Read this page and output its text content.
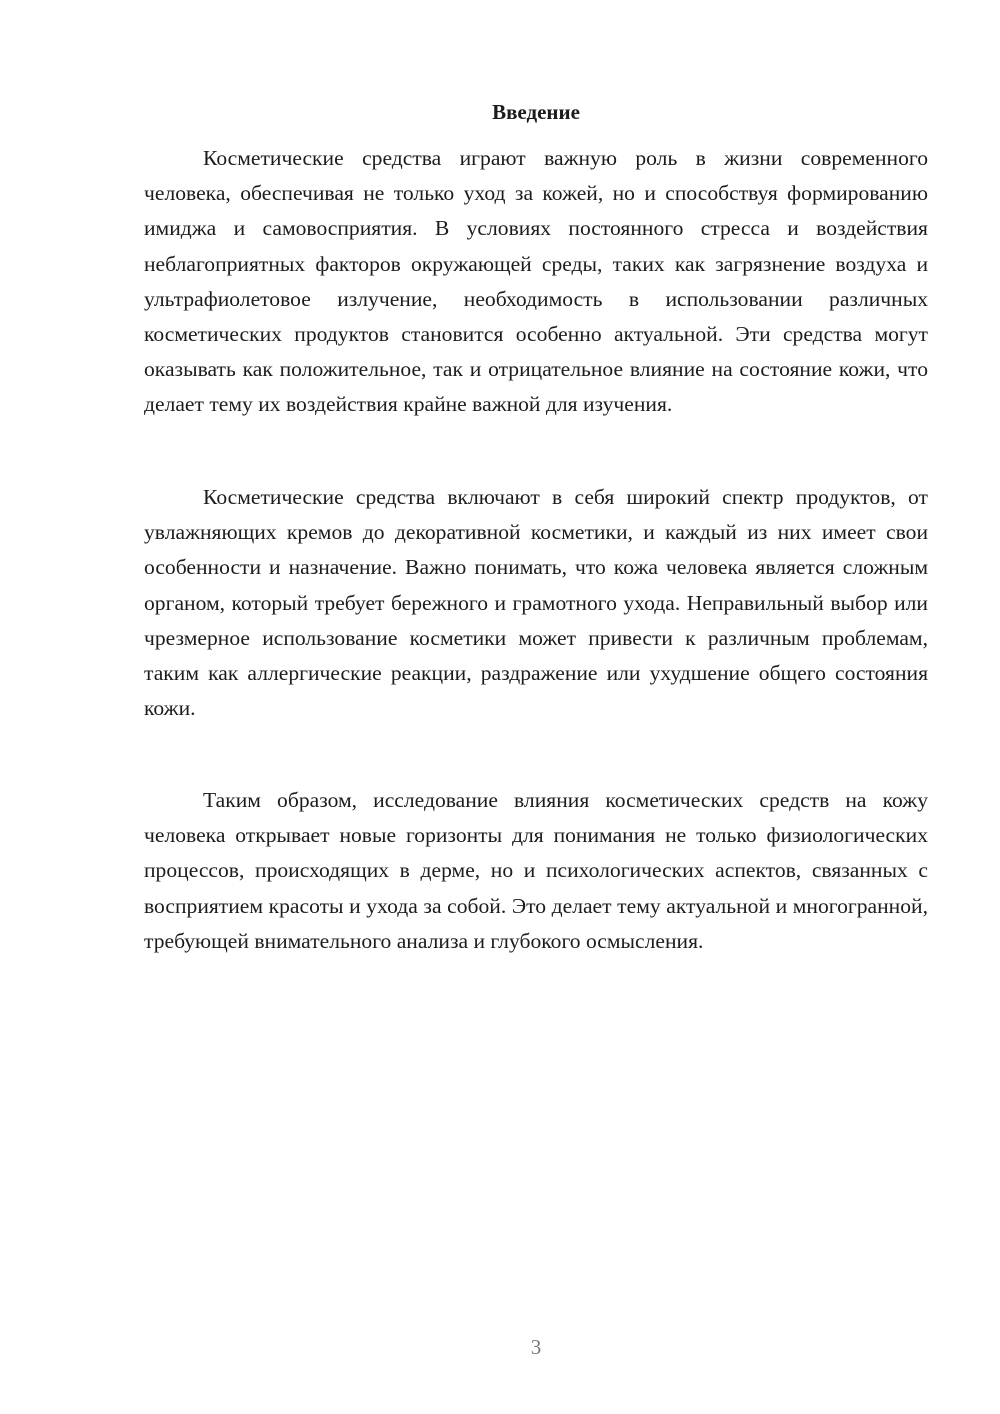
Введение

Косметические средства играют важную роль в жизни современного человека, обеспечивая не только уход за кожей, но и способствуя формированию имиджа и самовосприятия. В условиях постоянного стресса и воздействия неблагоприятных факторов окружающей среды, таких как загрязнение воздуха и ультрафиолетовое излучение, необходимость в использовании различных косметических продуктов становится особенно актуальной. Эти средства могут оказывать как положительное, так и отрицательное влияние на состояние кожи, что делает тему их воздействия крайне важной для изучения.

Косметические средства включают в себя широкий спектр продуктов, от увлажняющих кремов до декоративной косметики, и каждый из них имеет свои особенности и назначение. Важно понимать, что кожа человека является сложным органом, который требует бережного и грамотного ухода. Неправильный выбор или чрезмерное использование косметики может привести к различным проблемам, таким как аллергические реакции, раздражение или ухудшение общего состояния кожи.

Таким образом, исследование влияния косметических средств на кожу человека открывает новые горизонты для понимания не только физиологических процессов, происходящих в дерме, но и психологических аспектов, связанных с восприятием красоты и ухода за собой. Это делает тему актуальной и многогранной, требующей внимательного анализа и глубокого осмысления.

3
